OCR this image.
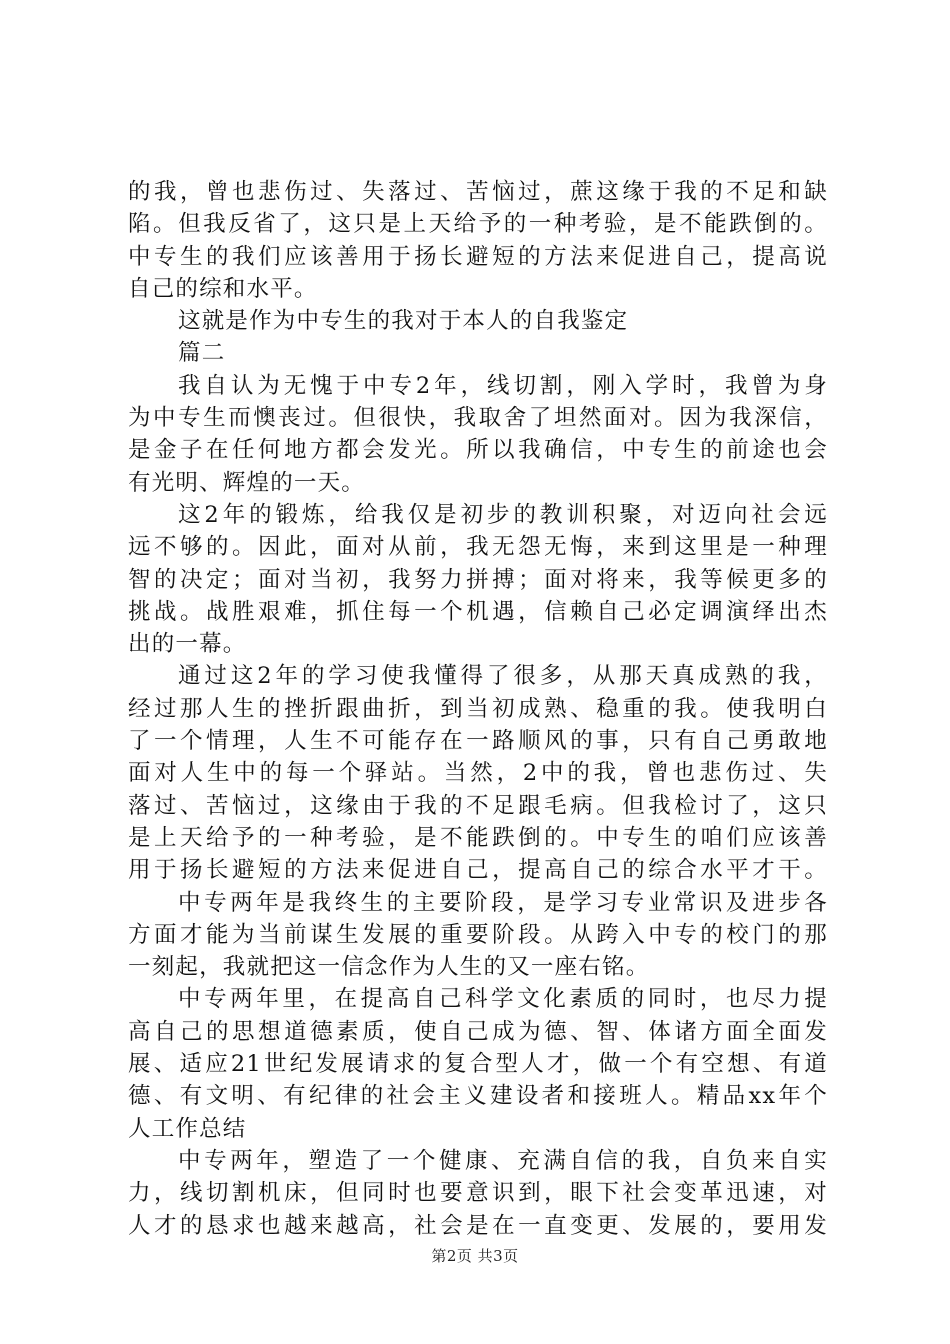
的我，曾也悲伤过、失落过、苦恼过，蔗这缘于我的不足和缺
陷。但我反省了，这只是上天给予的一种考验，是不能跌倒的。
中专生的我们应该善用于扬长避短的方法来促进自己，提高说
自己的综和水平。
这就是作为中专生的我对于本人的自我鉴定
篇二
我自认为无愧于中专2年，线切割，刚入学时，我曾为身
为中专生而懊丧过。但很快，我取舍了坦然面对。因为我深信，
是金子在任何地方都会发光。所以我确信，中专生的前途也会
有光明、辉煌的一天。
这2年的锻炼，给我仅是初步的教训积聚，对迈向社会远
远不够的。因此，面对从前，我无怨无悔，来到这里是一种理
智的决定；面对当初，我努力拼搏；面对将来，我等候更多的
挑战。战胜艰难，抓住每一个机遇，信赖自己必定调演绎出杰
出的一幕。
通过这2年的学习使我懂得了很多，从那天真成熟的我，
经过那人生的挫折跟曲折，到当初成熟、稳重的我。使我明白
了一个情理，人生不可能存在一路顺风的事，只有自己勇敢地
面对人生中的每一个驿站。当然，2中的我，曾也悲伤过、失
落过、苦恼过，这缘由于我的不足跟毛病。但我检讨了，这只
是上天给予的一种考验，是不能跌倒的。中专生的咱们应该善
用于扬长避短的方法来促进自己，提高自己的综合水平才干。
中专两年是我终生的主要阶段，是学习专业常识及进步各
方面才能为当前谋生发展的重要阶段。从跨入中专的校门的那
一刻起，我就把这一信念作为人生的又一座右铭。
中专两年里，在提高自己科学文化素质的同时，也尽力提
高自己的思想道德素质，使自己成为德、智、体诸方面全面发
展、适应21世纪发展请求的复合型人才，做一个有空想、有道
德、有文明、有纪律的社会主义建设者和接班人。精品xx年个
人工作总结
中专两年，塑造了一个健康、充满自信的我，自负来自实
力，线切割机床，但同时也要意识到，眼下社会变革迅速，对
人才的恳求也越来越高，社会是在一直变更、发展的，要用发
第2页 共3页
